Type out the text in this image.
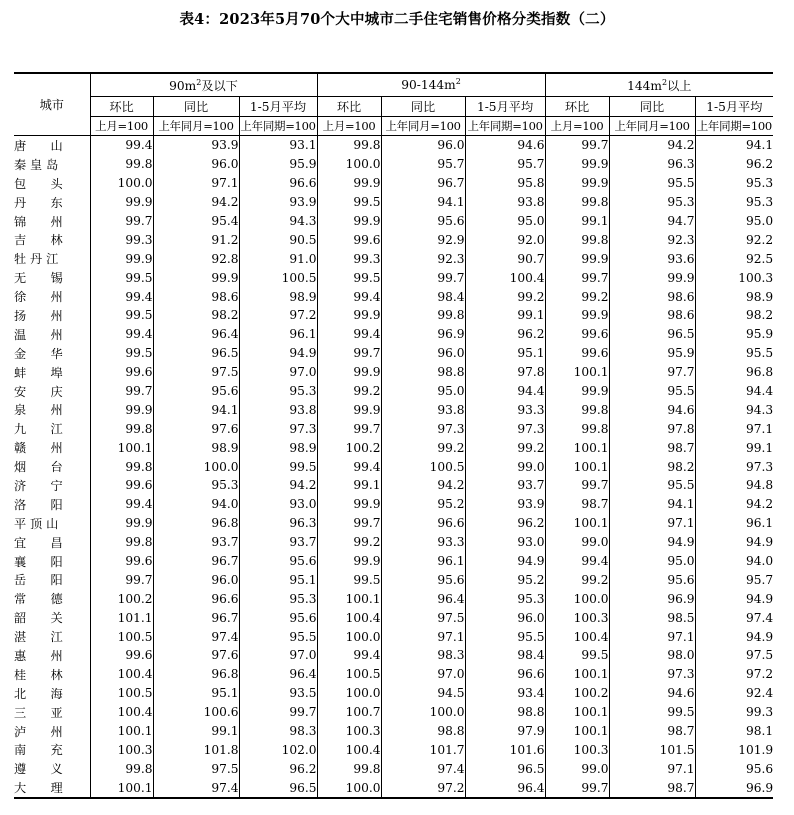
表4：2023年5月70个大中城市二手住宅销售价格分类指数（二）
城市	$90m^2$及以下			$90-144m^2$			$144m^2$以上		
	环比	同比	1-5月平均	环比	同比	1-5月平均	环比	同比	1-5月平均
	上月=100	上年同月=100	上年同期=100	上月=100	上年同月=100	上年同期=100	上月=100	上年同月=100	上年同期=100
唐　　山	99.4	93.9	93.1	99.8	96.0	94.6	99.7	94.2	94.1
秦 皇 岛	99.8	96.0	95.9	100.0	95.7	95.7	99.9	96.3	96.2
包　　头	100.0	97.1	96.6	99.9	96.7	95.8	99.9	95.5	95.3
丹　　东	99.9	94.2	93.9	99.5	94.1	93.8	99.8	95.3	95.3
锦　　州	99.7	95.4	94.3	99.9	95.6	95.0	99.1	94.7	95.0
吉　　林	99.3	91.2	90.5	99.6	92.9	92.0	99.8	92.3	92.2
牡 丹 江	99.9	92.8	91.0	99.3	92.3	90.7	99.9	93.6	92.5
无　　锡	99.5	99.9	100.5	99.5	99.7	100.4	99.7	99.9	100.3
徐　　州	99.4	98.6	98.9	99.4	98.4	99.2	99.2	98.6	98.9
扬　　州	99.5	98.2	97.2	99.9	99.8	99.1	99.9	98.6	98.2
温　　州	99.4	96.4	96.1	99.4	96.9	96.2	99.6	96.5	95.9
金　　华	99.5	96.5	94.9	99.7	96.0	95.1	99.6	95.9	95.5
蚌　　埠	99.6	97.5	97.0	99.9	98.8	97.8	100.1	97.7	96.8
安　　庆	99.7	95.6	95.3	99.2	95.0	94.4	99.9	95.5	94.4
泉　　州	99.9	94.1	93.8	99.9	93.8	93.3	99.8	94.6	94.3
九　　江	99.8	97.6	97.3	99.7	97.3	97.3	99.8	97.8	97.1
赣　　州	100.1	98.9	98.9	100.2	99.2	99.2	100.1	98.7	99.1
烟　　台	99.8	100.0	99.5	99.4	100.5	99.0	100.1	98.2	97.3
济　　宁	99.6	95.3	94.2	99.1	94.2	93.7	99.7	95.5	94.8
洛　　阳	99.4	94.0	93.0	99.9	95.2	93.9	98.7	94.1	94.2
平 顶 山	99.9	96.8	96.3	99.7	96.6	96.2	100.1	97.1	96.1
宜　　昌	99.8	93.7	93.7	99.2	93.3	93.0	99.0	94.9	94.9
襄　　阳	99.6	96.7	95.6	99.9	96.1	94.9	99.4	95.0	94.0
岳　　阳	99.7	96.0	95.1	99.5	95.6	95.2	99.2	95.6	95.7
常　　德	100.2	96.6	95.3	100.1	96.4	95.3	100.0	96.9	94.9
韶　　关	101.1	96.7	95.6	100.4	97.5	96.0	100.3	98.5	97.4
湛　　江	100.5	97.4	95.5	100.0	97.1	95.5	100.4	97.1	94.9
惠　　州	99.6	97.6	97.0	99.4	98.3	98.4	99.5	98.0	97.5
桂　　林	100.4	96.8	96.4	100.5	97.0	96.6	100.1	97.3	97.2
北　　海	100.5	95.1	93.5	100.0	94.5	93.4	100.2	94.6	92.4
三　　亚	100.4	100.6	99.7	100.7	100.0	98.8	100.1	99.5	99.3
泸　　州	100.1	99.1	98.3	100.3	98.8	97.9	100.1	98.7	98.1
南　　充	100.3	101.8	102.0	100.4	101.7	101.6	100.3	101.5	101.9
遵　　义	99.8	97.5	96.2	99.8	97.4	96.5	99.0	97.1	95.6
大　　理	100.1	97.4	96.5	100.0	97.2	96.4	99.7	98.7	96.9
